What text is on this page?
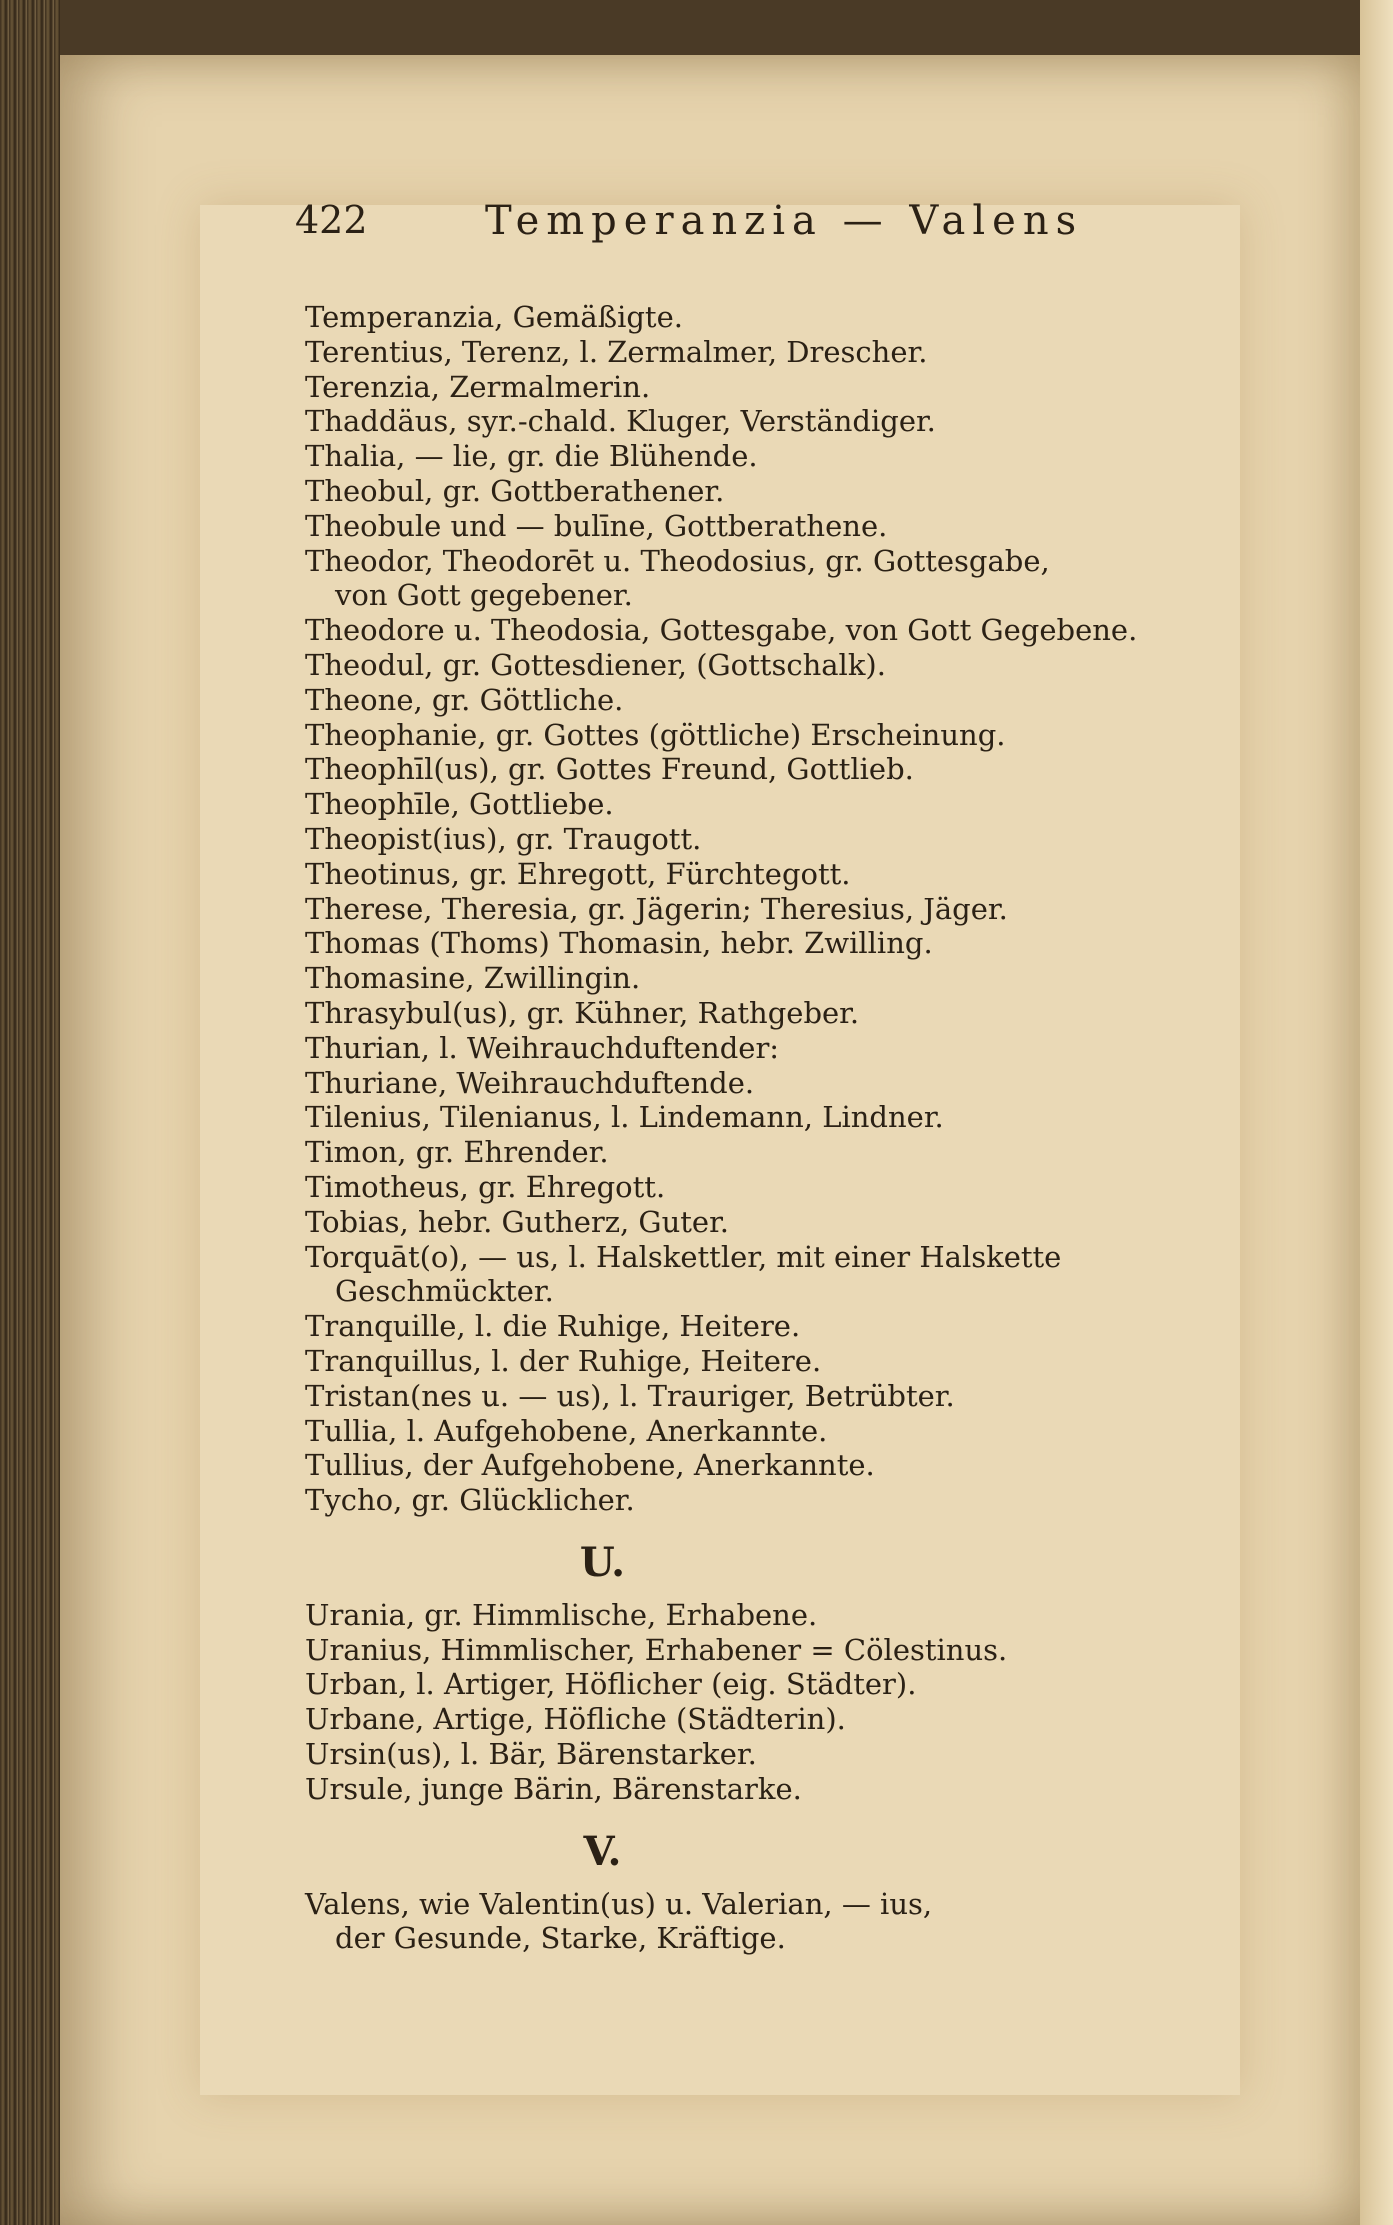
422	Temperanzia — Valens
Temperanzia, Gemäßigte.
Terentius, Terenz, l. Zermalmer, Drescher.
Terenzia, Zermalmerin.
Thaddäus, syr.-chald. Kluger, Verständiger.
Thalia, — lie, gr. die Blühende.
Theobul, gr. Gottberathener.
Theobule und — bulīne, Gottberathene.
Theodor, Theodorēt u. Theodosius, gr. Gottesgabe,
von Gott gegebener.
Theodore u. Theodosia, Gottesgabe, von Gott Gegebene.
Theodul, gr. Gottesdiener, (Gottschalk).
Theone, gr. Göttliche.
Theophanie, gr. Gottes (göttliche) Erscheinung.
Theophīl(us), gr. Gottes Freund, Gottlieb.
Theophīle, Gottliebe.
Theopist(ius), gr. Traugott.
Theotinus, gr. Ehregott, Fürchtegott.
Therese, Theresia, gr. Jägerin; Theresius, Jäger.
Thomas (Thoms) Thomasin, hebr. Zwilling.
Thomasine, Zwillingin.
Thrasybul(us), gr. Kühner, Rathgeber.
Thurian, l. Weihrauchduftender:
Thuriane, Weihrauchduftende.
Tilenius, Tilenianus, l. Lindemann, Lindner.
Timon, gr. Ehrender.
Timotheus, gr. Ehregott.
Tobias, hebr. Gutherz, Guter.
Torquāt(o), — us, l. Halskettler, mit einer Halskette
Geschmückter.
Tranquille, l. die Ruhige, Heitere.
Tranquillus, l. der Ruhige, Heitere.
Tristan(nes u. — us), l. Trauriger, Betrübter.
Tullia, l. Aufgehobene, Anerkannte.
Tullius, der Aufgehobene, Anerkannte.
Tycho, gr. Glücklicher.
U.
Urania, gr. Himmlische, Erhabene.
Uranius, Himmlischer, Erhabener = Cölestinus.
Urban, l. Artiger, Höflicher (eig. Städter).
Urbane, Artige, Höfliche (Städterin).
Ursin(us), l. Bär, Bärenstarker.
Ursule, junge Bärin, Bärenstarke.
V.
Valens, wie Valentin(us) u. Valerian, — ius,
der Gesunde, Starke, Kräftige.
